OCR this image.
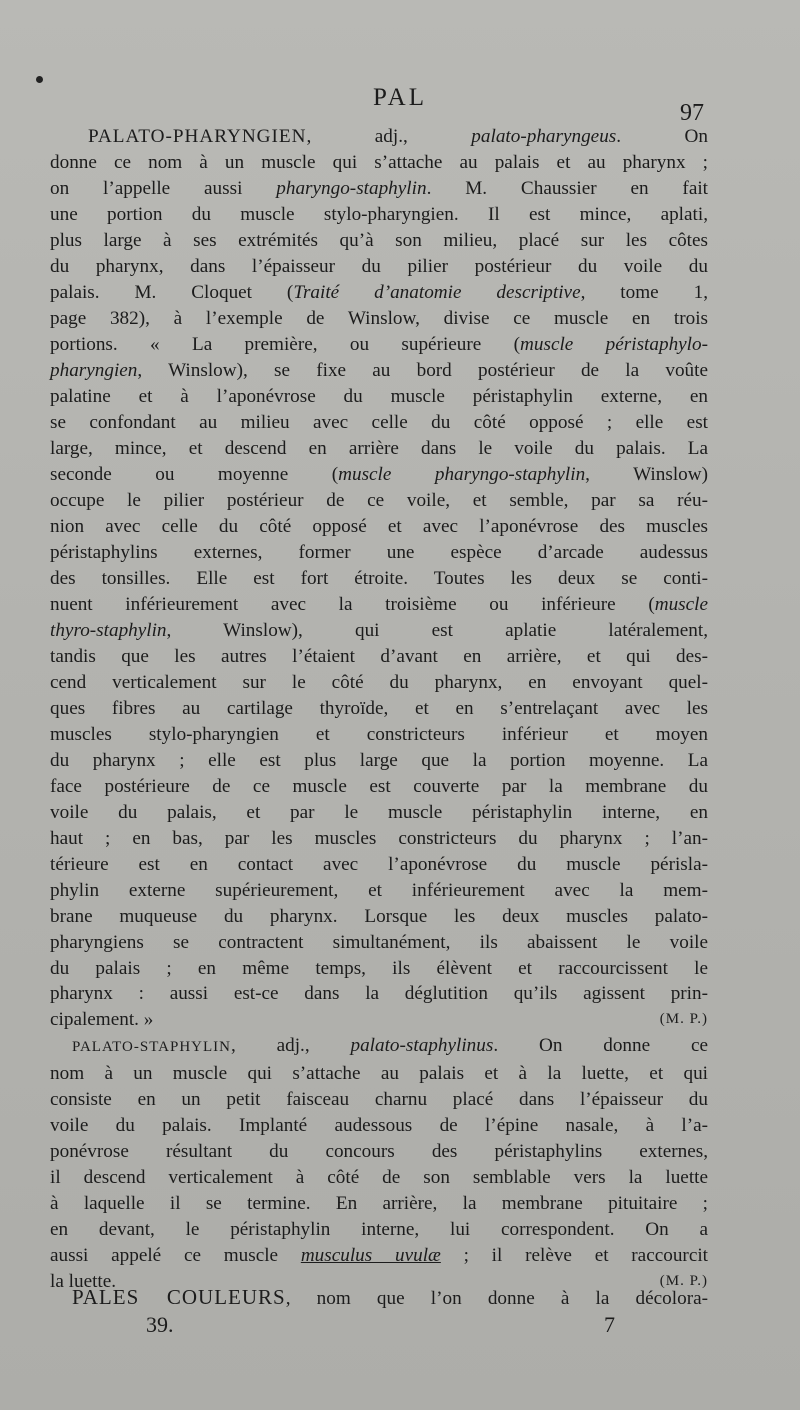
PAL
97
PALATO-PHARYNGIEN, adj., palato-pharyngeus. On
donne ce nom à un muscle qui s’attache au palais et au pharynx ;
on l’appelle aussi pharyngo-staphylin. M. Chaussier en fait
une portion du muscle stylo-pharyngien. Il est mince, aplati,
plus large à ses extrémités qu’à son milieu, placé sur les côtes
du pharynx, dans l’épaisseur du pilier postérieur du voile du
palais. M. Cloquet (Traité d’anatomie descriptive, tome 1,
page 382), à l’exemple de Winslow, divise ce muscle en trois
portions. « La première, ou supérieure (muscle péristaphylo-
pharyngien, Winslow), se fixe au bord postérieur de la voûte
palatine et à l’aponévrose du muscle péristaphylin externe, en
se confondant au milieu avec celle du côté opposé ; elle est
large, mince, et descend en arrière dans le voile du palais. La
seconde ou moyenne (muscle pharyngo-staphylin, Winslow)
occupe le pilier postérieur de ce voile, et semble, par sa réu-
nion avec celle du côté opposé et avec l’aponévrose des muscles
péristaphylins externes, former une espèce d’arcade audessus
des tonsilles. Elle est fort étroite. Toutes les deux se conti-
nuent inférieurement avec la troisième ou inférieure (muscle
thyro-staphylin, Winslow), qui est aplatie latéralement,
tandis que les autres l’étaient d’avant en arrière, et qui des-
cend verticalement sur le côté du pharynx, en envoyant quel-
ques fibres au cartilage thyroïde, et en s’entrelaçant avec les
muscles stylo-pharyngien et constricteurs inférieur et moyen
du pharynx ; elle est plus large que la portion moyenne. La
face postérieure de ce muscle est couverte par la membrane du
voile du palais, et par le muscle péristaphylin interne, en
haut ; en bas, par les muscles constricteurs du pharynx ; l’an-
térieure est en contact avec l’aponévrose du muscle périsla-
phylin externe supérieurement, et inférieurement avec la mem-
brane muqueuse du pharynx. Lorsque les deux muscles palato-
pharyngiens se contractent simultanément, ils abaissent le voile
du palais ; en même temps, ils élèvent et raccourcissent le
pharynx : aussi est-ce dans la déglutition qu’ils agissent prin-
cipalement. »	(M. P.)
PALATO-STAPHYLIN, adj., palato-staphylinus. On donne ce
nom à un muscle qui s’attache au palais et à la luette, et qui
consiste en un petit faisceau charnu placé dans l’épaisseur du
voile du palais. Implanté audessous de l’épine nasale, à l’a-
ponévrose résultant du concours des péristaphylins externes,
il descend verticalement à côté de son semblable vers la luette
à laquelle il se termine. En arrière, la membrane pituitaire ;
en devant, le péristaphylin interne, lui correspondent. On a
aussi appelé ce muscle musculus uvulæ ; il relève et raccourcit
la luette.	(M. P.)
PALES COULEURS, nom que l’on donne à la décolora-
39.	7
